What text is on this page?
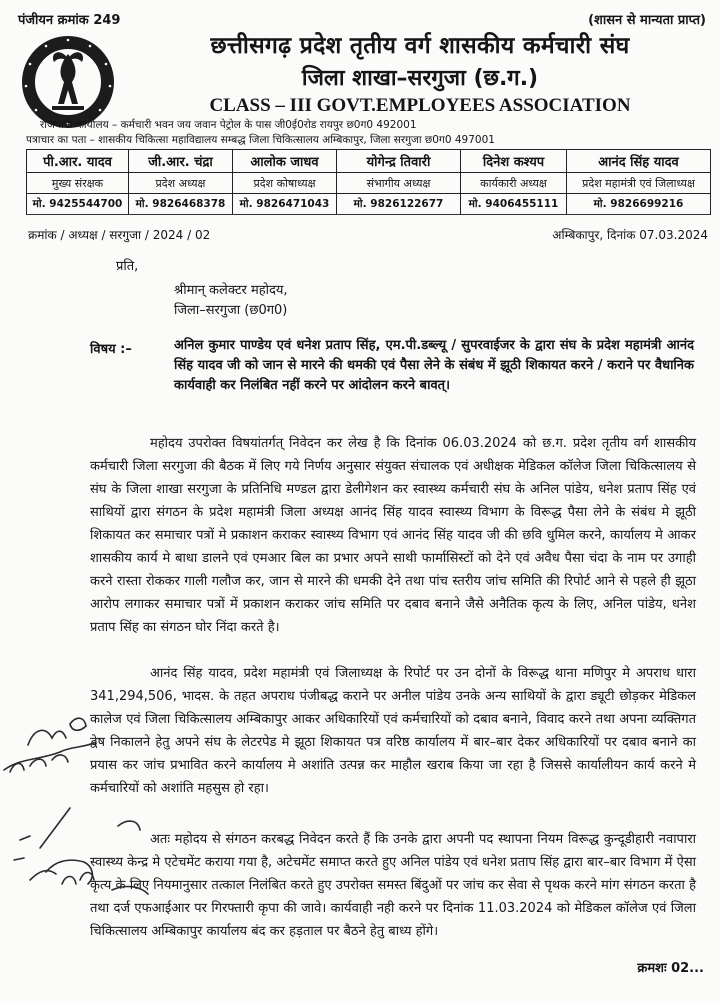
पंजीयन क्रमांक 249	(शासन से मान्यता प्राप्त)
छत्तीसगढ़ प्रदेश तृतीय वर्ग शासकीय कर्मचारी संघ
जिला शाखा–सरगुजा (छ.ग.)
CLASS – III GOVT.EMPLOYEES ASSOCIATION
राजधानी कार्यालय – कर्मचारी भवन जय जवान पेट्रोल के पास जी0ई0रोड रायपुर छ0ग0 492001
पत्राचार का पता – शासकीय चिकित्सा महाविद्यालय सम्बद्ध जिला चिकित्सालय अम्बिकापुर, जिला सरगुजा छ0ग0 497001
पी.आर. यादव	जी.आर. चंद्रा	आलोक जाधव	योगेन्द्र तिवारी	दिनेश कश्यप	आनंद सिंह यादव
मुख्य संरक्षक	प्रदेश अध्यक्ष	प्रदेश कोषाध्यक्ष	संभागीय अध्यक्ष	कार्यकारी अध्यक्ष	प्रदेश महामंत्री एवं जिलाध्यक्ष
मो. 9425544700	मो. 9826468378	मो. 9826471043	मो. 9826122677	मो. 9406455111	मो. 9826699216
क्रमांक / अध्यक्ष / सरगुजा / 2024 / 02	अम्बिकापुर, दिनांक 07.03.2024
प्रति,
श्रीमान् कलेक्टर महोदय,
जिला–सरगुजा (छ0ग0)
विषय :–	अनिल कुमार पाण्डेय एवं धनेश प्रताप सिंह, एम.पी.डब्ल्यू / सुपरवाईजर के द्वारा संघ के प्रदेश महामंत्री आनंद सिंह यादव जी को जान से मारने की धमकी एवं पैसा लेने के संबंध में झूठी शिकायत करने / कराने पर वैधानिक कार्यवाही कर निलंबित नहीं करने पर आंदोलन करने बावत्।
महोदय उपरोक्त विषयांतर्गत् निवेदन कर लेख है कि दिनांक 06.03.2024 को छ.ग. प्रदेश तृतीय वर्ग शासकीय कर्मचारी जिला सरगुजा की बैठक में लिए गये निर्णय अनुसार संयुक्त संचालक एवं अधीक्षक मेडिकल कॉलेज जिला चिकित्सालय से संघ के जिला शाखा सरगुजा के प्रतिनिधि मण्डल द्वारा डेलीगेशन कर स्वास्थ्य कर्मचारी संघ के अनिल पांडेय, धनेश प्रताप सिंह एवं साथियों द्वारा संगठन के प्रदेश महामंत्री जिला अध्यक्ष आनंद सिंह यादव स्वास्थ्य विभाग के विरूद्ध पैसा लेने के संबंध मे झूठी शिकायत कर समाचार पत्रों मे प्रकाशन कराकर स्वास्थ्य विभाग एवं आनंद सिंह यादव जी की छवि धुमिल करने, कार्यालय मे आकर शासकीय कार्य मे बाधा डालने एवं एमआर बिल का प्रभार अपने साथी फार्मासिस्टों को देने एवं अवैध पैसा चंदा के नाम पर उगाही करने रास्ता रोककर गाली गलौज कर, जान से मारने की धमकी देने तथा पांच स्तरीय जांच समिति की रिपोर्ट आने से पहले ही झूठा आरोप लगाकर समाचार पत्रों में प्रकाशन कराकर जांच समिति पर दबाव बनाने जैसे अनैतिक कृत्य के लिए, अनिल पांडेय, धनेश प्रताप सिंह का संगठन घोर निंदा करते है।
आनंद सिंह यादव, प्रदेश महामंत्री एवं जिलाध्यक्ष के रिपोर्ट पर उन दोनों के विरूद्ध थाना मणिपुर मे अपराध धारा 341,294,506, भादस. के तहत अपराध पंजीबद्ध कराने पर अनील पांडेय उनके अन्य साथियों के द्वारा ड्यूटी छोड़कर मेडिकल कालेज एवं जिला चिकित्सालय अम्बिकापुर आकर अधिकारियों एवं कर्मचारियों को दबाव बनाने, विवाद करने तथा अपना व्यक्तिगत द्वेष निकालने हेतु अपने संघ के लेटरपेड मे झूठा शिकायत पत्र वरिष्ठ कार्यालय में बार–बार देकर अधिकारियों पर दबाव बनाने का प्रयास कर जांच प्रभावित करने कार्यालय मे अशांति उत्पन्न कर माहौल खराब किया जा रहा है जिससे कार्यालीयन कार्य करने मे कर्मचारियों को अशांति महसुस हो रहा।
अतः महोदय से संगठन करबद्ध निवेदन करते हैं कि उनके द्वारा अपनी पद स्थापना नियम विरूद्ध कुन्दूडीहारी नवापारा स्वास्थ्य केन्द्र मे एटेचमेंट कराया गया है, अटेचमेंट समाप्त करते हुए अनिल पांडेय एवं धनेश प्रताप सिंह द्वारा बार–बार विभाग में ऐसा कृत्य के लिए नियमानुसार तत्काल निलंबित करते हुए उपरोक्त समस्त बिंदुओं पर जांच कर सेवा से पृथक करने मांग संगठन करता है तथा दर्ज एफआईआर पर गिरफ्तारी कृपा की जावे। कार्यवाही नही करने पर दिनांक 11.03.2024 को मेडिकल कॉलेज एवं जिला चिकित्सालय अम्बिकापुर कार्यालय बंद कर हड़ताल पर बैठने हेतु बाध्य होंगे।
क्रमशः 02...
